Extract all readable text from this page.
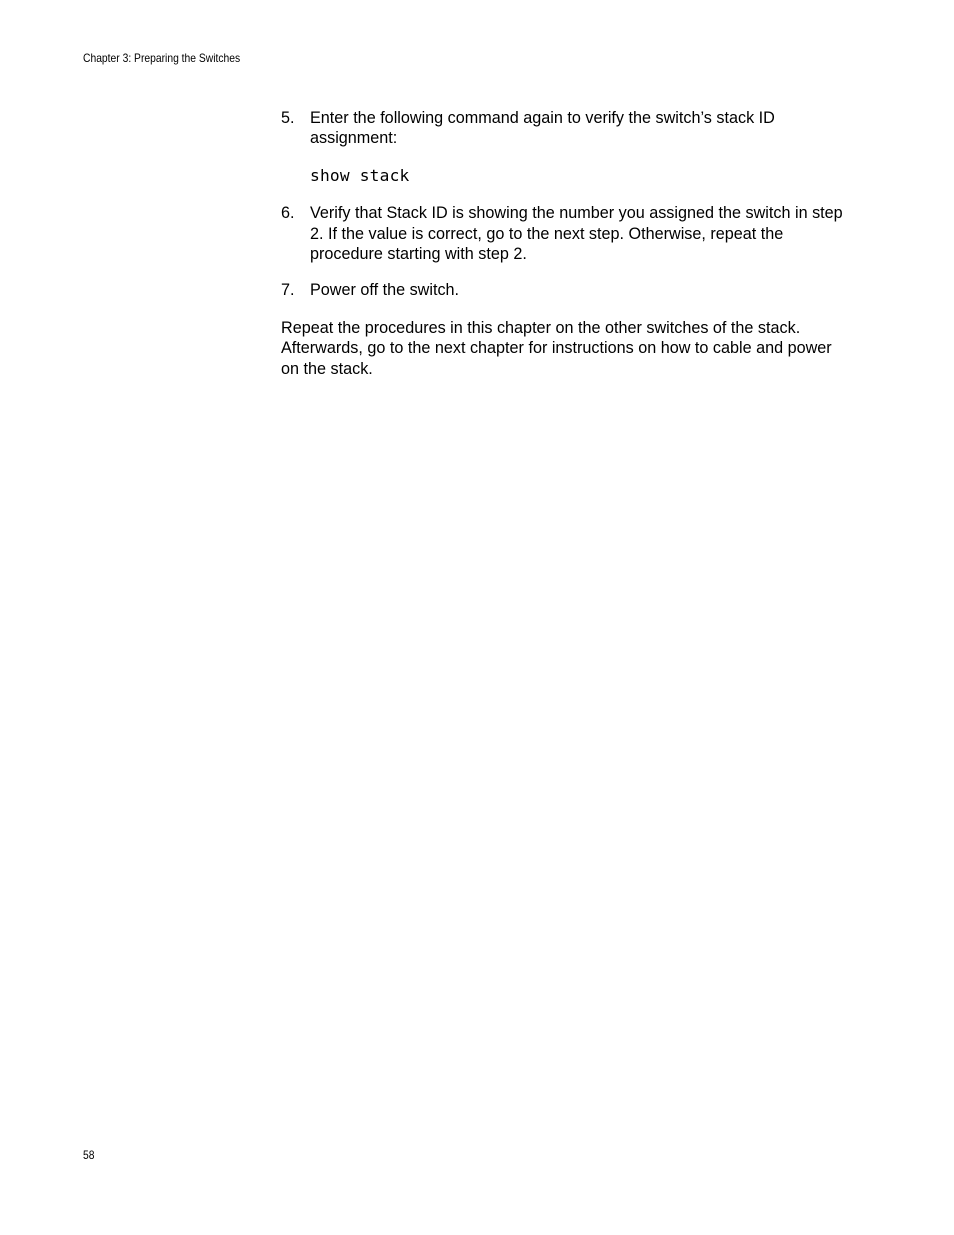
Chapter 3: Preparing the Switches
5. Enter the following command again to verify the switch’s stack ID assignment:
show stack
6. Verify that Stack ID is showing the number you assigned the switch in step 2. If the value is correct, go to the next step. Otherwise, repeat the procedure starting with step 2.
7. Power off the switch.

Repeat the procedures in this chapter on the other switches of the stack. Afterwards, go to the next chapter for instructions on how to cable and power on the stack.

58
